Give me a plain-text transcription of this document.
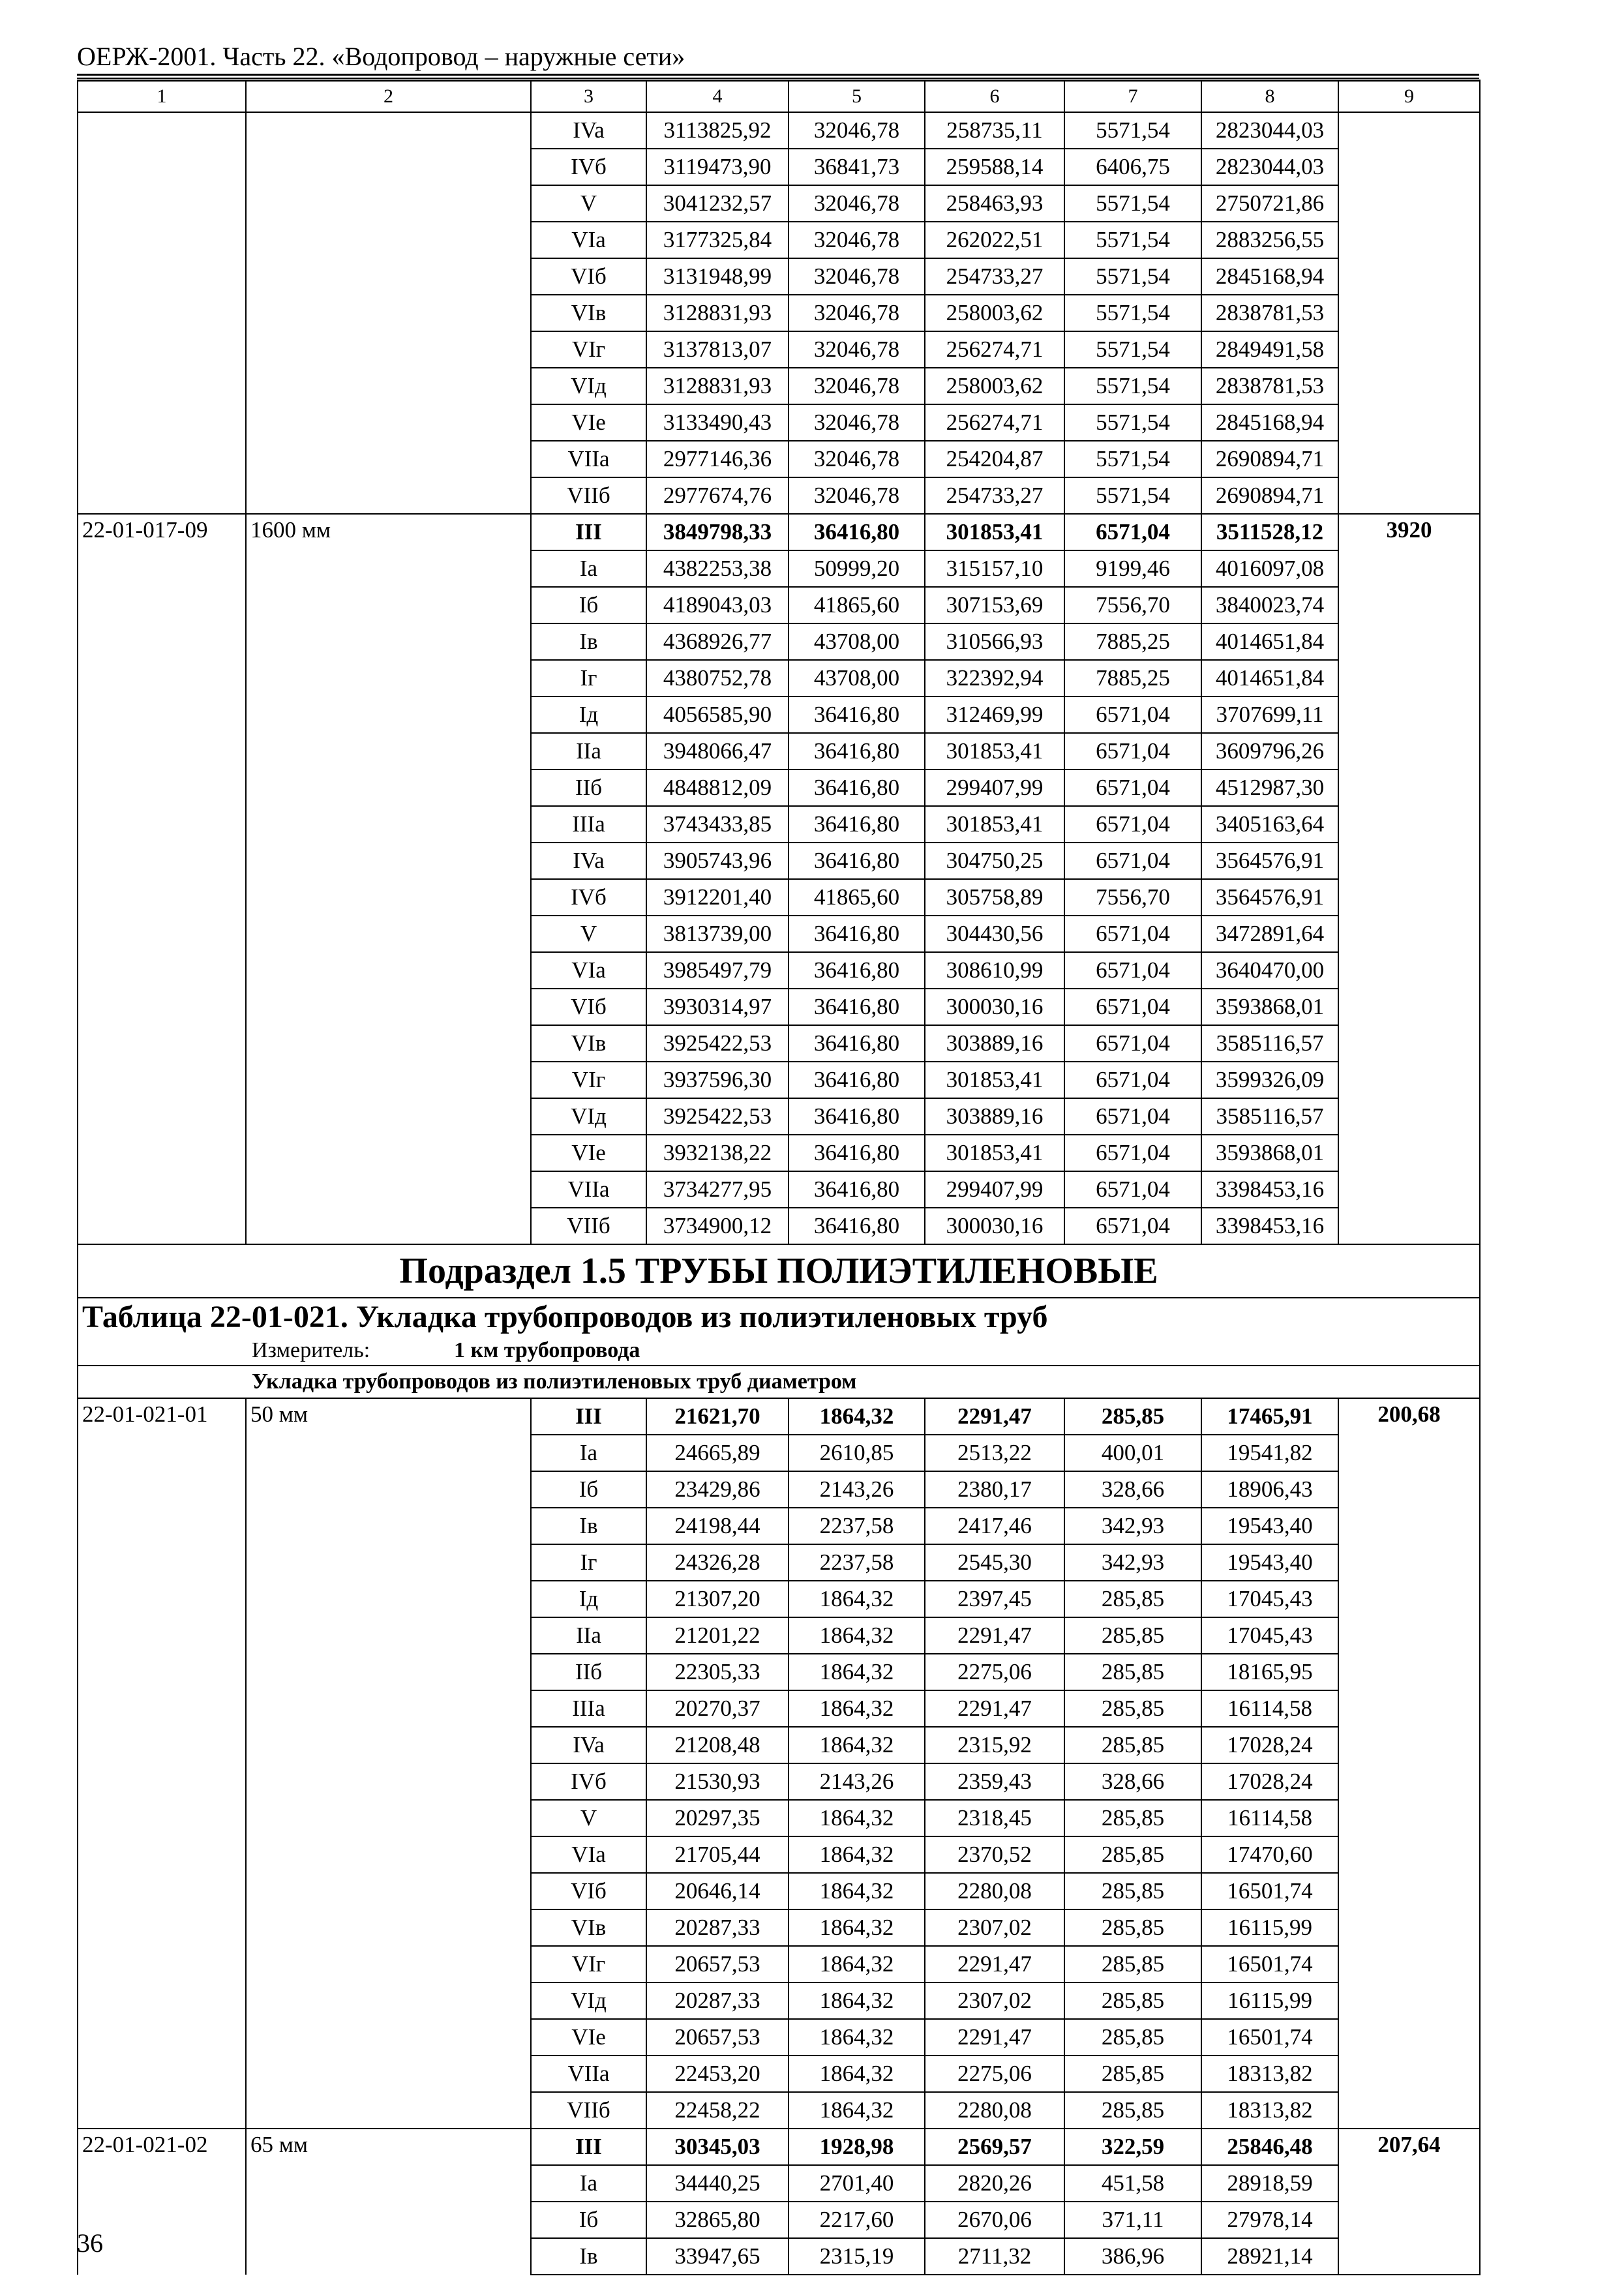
ОЕРЖ-2001. Часть 22. «Водопровод – наружные сети»
1	2	3	4	5	6	7	8	9
		IVa	3113825,92	32046,78	258735,11	5571,54	2823044,03	
		IVб	3119473,90	36841,73	259588,14	6406,75	2823044,03	
		V	3041232,57	32046,78	258463,93	5571,54	2750721,86	
		VIa	3177325,84	32046,78	262022,51	5571,54	2883256,55	
		VIб	3131948,99	32046,78	254733,27	5571,54	2845168,94	
		VIв	3128831,93	32046,78	258003,62	5571,54	2838781,53	
		VIг	3137813,07	32046,78	256274,71	5571,54	2849491,58	
		VIд	3128831,93	32046,78	258003,62	5571,54	2838781,53	
		VIe	3133490,43	32046,78	256274,71	5571,54	2845168,94	
		VIIa	2977146,36	32046,78	254204,87	5571,54	2690894,71	
		VIIб	2977674,76	32046,78	254733,27	5571,54	2690894,71	
22-01-017-09	1600 мм	III	3849798,33	36416,80	301853,41	6571,04	3511528,12	3920
		Ia	4382253,38	50999,20	315157,10	9199,46	4016097,08	
		Iб	4189043,03	41865,60	307153,69	7556,70	3840023,74	
		Iв	4368926,77	43708,00	310566,93	7885,25	4014651,84	
		Iг	4380752,78	43708,00	322392,94	7885,25	4014651,84	
		Iд	4056585,90	36416,80	312469,99	6571,04	3707699,11	
		IIa	3948066,47	36416,80	301853,41	6571,04	3609796,26	
		IIб	4848812,09	36416,80	299407,99	6571,04	4512987,30	
		IIIa	3743433,85	36416,80	301853,41	6571,04	3405163,64	
		IVa	3905743,96	36416,80	304750,25	6571,04	3564576,91	
		IVб	3912201,40	41865,60	305758,89	7556,70	3564576,91	
		V	3813739,00	36416,80	304430,56	6571,04	3472891,64	
		VIa	3985497,79	36416,80	308610,99	6571,04	3640470,00	
		VIб	3930314,97	36416,80	300030,16	6571,04	3593868,01	
		VIв	3925422,53	36416,80	303889,16	6571,04	3585116,57	
		VIг	3937596,30	36416,80	301853,41	6571,04	3599326,09	
		VIд	3925422,53	36416,80	303889,16	6571,04	3585116,57	
		VIe	3932138,22	36416,80	301853,41	6571,04	3593868,01	
		VIIa	3734277,95	36416,80	299407,99	6571,04	3398453,16	
		VIIб	3734900,12	36416,80	300030,16	6571,04	3398453,16	
Подраздел 1.5 ТРУБЫ ПОЛИЭТИЛЕНОВЫЕ								
Таблица 22-01-021. Укладка трубопроводов из полиэтиленовых труб								
Измеритель: 1 км трубопровода								
Укладка трубопроводов из полиэтиленовых труб диаметром								
22-01-021-01	50 мм	III	21621,70	1864,32	2291,47	285,85	17465,91	200,68
		Ia	24665,89	2610,85	2513,22	400,01	19541,82	
		Iб	23429,86	2143,26	2380,17	328,66	18906,43	
		Iв	24198,44	2237,58	2417,46	342,93	19543,40	
		Iг	24326,28	2237,58	2545,30	342,93	19543,40	
		Iд	21307,20	1864,32	2397,45	285,85	17045,43	
		IIa	21201,22	1864,32	2291,47	285,85	17045,43	
		IIб	22305,33	1864,32	2275,06	285,85	18165,95	
		IIIa	20270,37	1864,32	2291,47	285,85	16114,58	
		IVa	21208,48	1864,32	2315,92	285,85	17028,24	
		IVб	21530,93	2143,26	2359,43	328,66	17028,24	
		V	20297,35	1864,32	2318,45	285,85	16114,58	
		VIa	21705,44	1864,32	2370,52	285,85	17470,60	
		VIб	20646,14	1864,32	2280,08	285,85	16501,74	
		VIв	20287,33	1864,32	2307,02	285,85	16115,99	
		VIг	20657,53	1864,32	2291,47	285,85	16501,74	
		VIд	20287,33	1864,32	2307,02	285,85	16115,99	
		VIe	20657,53	1864,32	2291,47	285,85	16501,74	
		VIIa	22453,20	1864,32	2275,06	285,85	18313,82	
		VIIб	22458,22	1864,32	2280,08	285,85	18313,82	
22-01-021-02	65 мм	III	30345,03	1928,98	2569,57	322,59	25846,48	207,64
		Ia	34440,25	2701,40	2820,26	451,58	28918,59	
		Iб	32865,80	2217,60	2670,06	371,11	27978,14	
		Iв	33947,65	2315,19	2711,32	386,96	28921,14	
36
